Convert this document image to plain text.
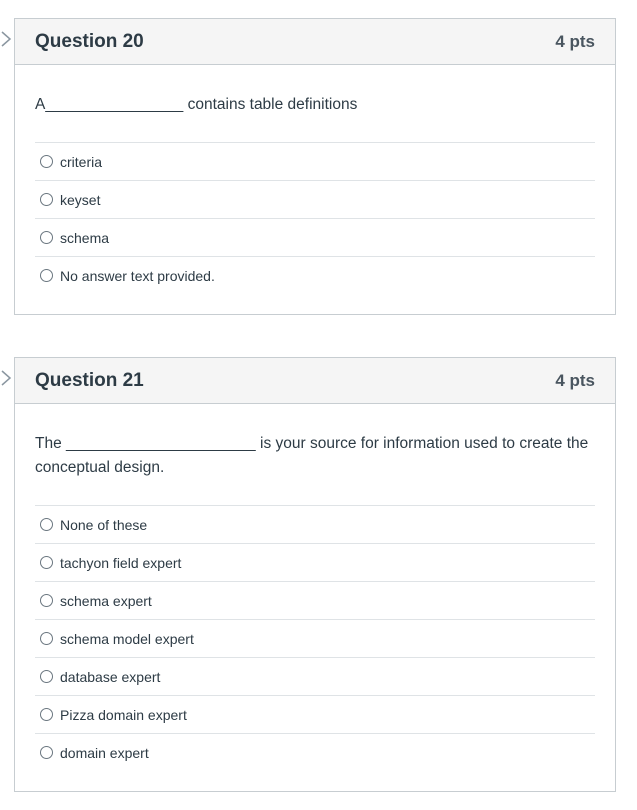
Question 20	4 pts
A________________ contains table definitions
criteria
keyset
schema
No answer text provided.
Question 21	4 pts
The ______________________ is your source for information used to create the conceptual design.
None of these
tachyon field expert
schema expert
schema model expert
database expert
Pizza domain expert
domain expert
